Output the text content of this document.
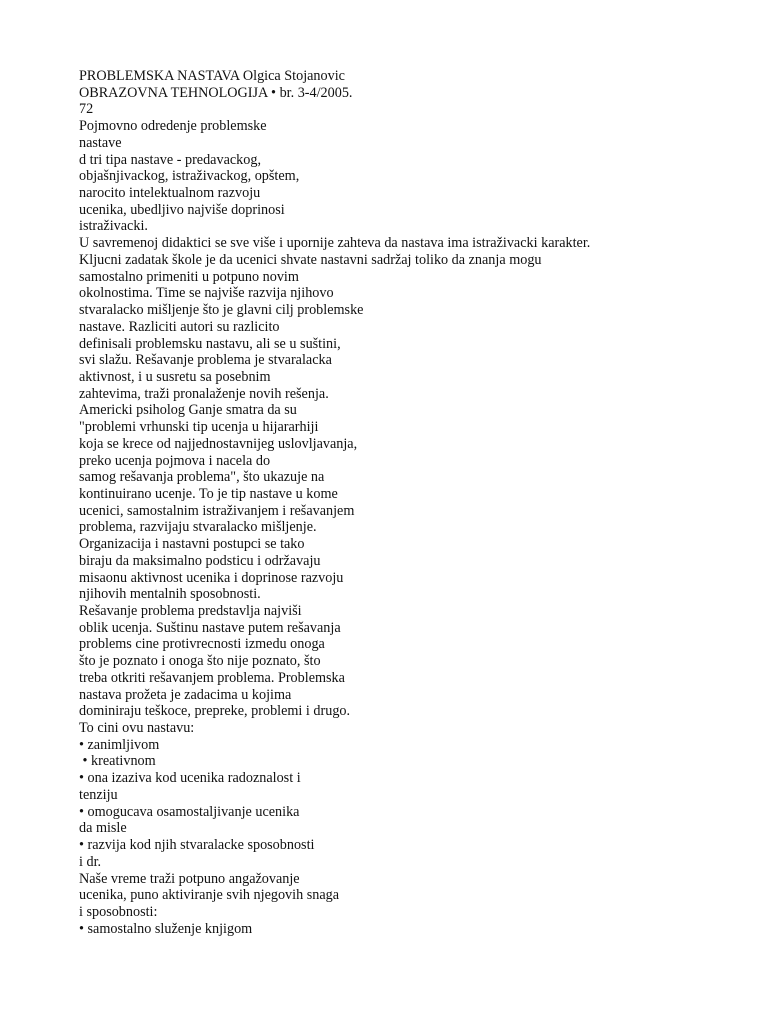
PROBLEMSKA NASTAVA Olgica Stojanovic
OBRAZOVNA TEHNOLOGIJA • br. 3-4/2005.
72
Pojmovno odredenje problemske
nastave
d tri tipa nastave - predavackog,
objašnjivackog, istraživackog, opštem,
narocito intelektualnom razvoju
ucenika, ubedljivo najviše doprinosi
istraživacki.
U savremenoj didaktici se sve više i upornije zahteva da nastava ima istraživacki karakter.
Kljucni zadatak škole je da ucenici shvate nastavni sadržaj toliko da znanja mogu
samostalno primeniti u potpuno novim
okolnostima. Time se najviše razvija njihovo
stvaralacko mišljenje što je glavni cilj problemske
nastave. Razliciti autori su razlicito
definisali problemsku nastavu, ali se u suštini,
svi slažu. Rešavanje problema je stvaralacka
aktivnost, i u susretu sa posebnim
zahtevima, traži pronalaženje novih rešenja.
Americki psiholog Ganje smatra da su
"problemi vrhunski tip ucenja u hijararhiji
koja se krece od najjednostavnijeg uslovljavanja,
preko ucenja pojmova i nacela do
samog rešavanja problema", što ukazuje na
kontinuirano ucenje. To je tip nastave u kome
ucenici, samostalnim istraživanjem i rešavanjem
problema, razvijaju stvaralacko mišljenje.
Organizacija i nastavni postupci se tako
biraju da maksimalno podsticu i održavaju
misaonu aktivnost ucenika i doprinose razvoju
njihovih mentalnih sposobnosti.
Rešavanje problema predstavlja najviši
oblik ucenja. Suštinu nastave putem rešavanja
problems cine protivrecnosti izmedu onoga
što je poznato i onoga što nije poznato, što
treba otkriti rešavanjem problema. Problemska
nastava prožeta je zadacima u kojima
dominiraju teškoce, prepreke, problemi i drugo.
To cini ovu nastavu:
• zanimljivom
• kreativnom
• ona izaziva kod ucenika radoznalost i
tenziju
• omogucava osamostaljivanje ucenika
da misle
• razvija kod njih stvaralacke sposobnosti
i dr.
Naše vreme traži potpuno angažovanje
ucenika, puno aktiviranje svih njegovih snaga
i sposobnosti:
• samostalno služenje knjigom
